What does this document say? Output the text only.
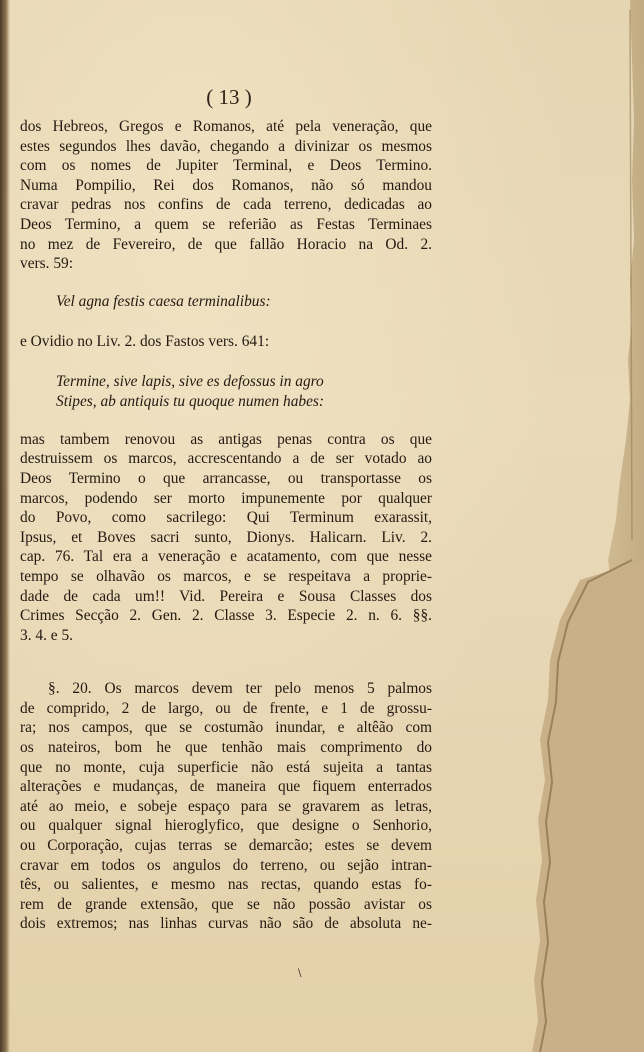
( 13 )

dos Hebreos, Gregos e Romanos, até pela veneração, que

estes segundos lhes davão, chegando a divinizar os mesmos

com os nomes de Jupiter Terminal, e Deos Termino.

Numa Pompilio, Rei dos Romanos, não só mandou

cravar pedras nos confins de cada terreno, dedicadas ao

Deos Termino, a quem se referião as Festas Terminaes

no mez de Fevereiro, de que fallão Horacio na Od. 2.

vers. 59:

Vel agna festis caesa terminalibus:

e Ovidio no Liv. 2. dos Fastos vers. 641:

Termine, sive lapis, sive es defossus in agro

Stipes, ab antiquis tu quoque numen habes:

mas tambem renovou as antigas penas contra os que

destruissem os marcos, accrescentando a de ser votado ao

Deos Termino o que arrancasse, ou transportasse os

marcos, podendo ser morto impunemente por qualquer

do Povo, como sacrilego: Qui Terminum exarassit,

Ipsus, et Boves sacri sunto, Dionys. Halicarn. Liv. 2.

cap. 76. Tal era a veneração e acatamento, com que nesse

tempo se olhavão os marcos, e se respeitava a proprie-

dade de cada um!! Vid. Pereira e Sousa Classes dos

Crimes Secção 2. Gen. 2. Classe 3. Especie 2. n. 6. §§.

3. 4. e 5.

§. 20. Os marcos devem ter pelo menos 5 palmos

de comprido, 2 de largo, ou de frente, e 1 de grossu-

ra; nos campos, que se costumão inundar, e altêão com

os nateiros, bom he que tenhão mais comprimento do

que no monte, cuja superficie não está sujeita a tantas

alterações e mudanças, de maneira que fiquem enterrados

até ao meio, e sobeje espaço para se gravarem as letras,

ou qualquer signal hieroglyfico, que designe o Senhorio,

ou Corporação, cujas terras se demarcão; estes se devem

cravar em todos os angulos do terreno, ou sejão intran-

tês, ou salientes, e mesmo nas rectas, quando estas fo-

rem de grande extensão, que se não possão avistar os

dois extremos; nas linhas curvas não são de absoluta ne-

\
